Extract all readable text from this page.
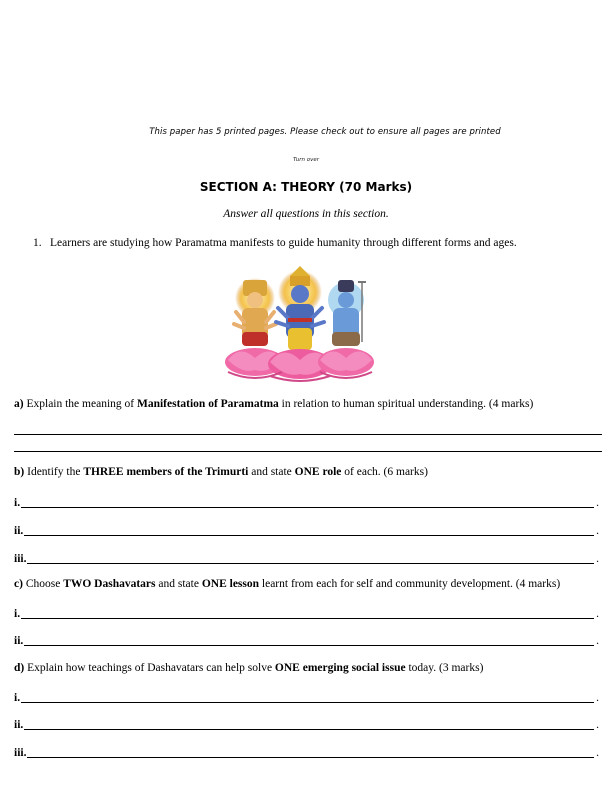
This paper has 5 printed pages. Please check out to ensure all pages are printed
Turn over
SECTION A: THEORY (70 Marks)
Answer all questions in this section.
1. Learners are studying how Paramatma manifests to guide humanity through different forms and ages.
a) Explain the meaning of Manifestation of Paramatma in relation to human spiritual understanding. (4 marks)
b) Identify the THREE members of the Trimurti and state ONE role of each. (6 marks)
i.	.
ii.	.
iii.	.
c) Choose TWO Dashavatars and state ONE lesson learnt from each for self and community development. (4 marks)
i.	.
ii.	.
d) Explain how teachings of Dashavatars can help solve ONE emerging social issue today. (3 marks)
i.	.
ii.	.
iii.	.
